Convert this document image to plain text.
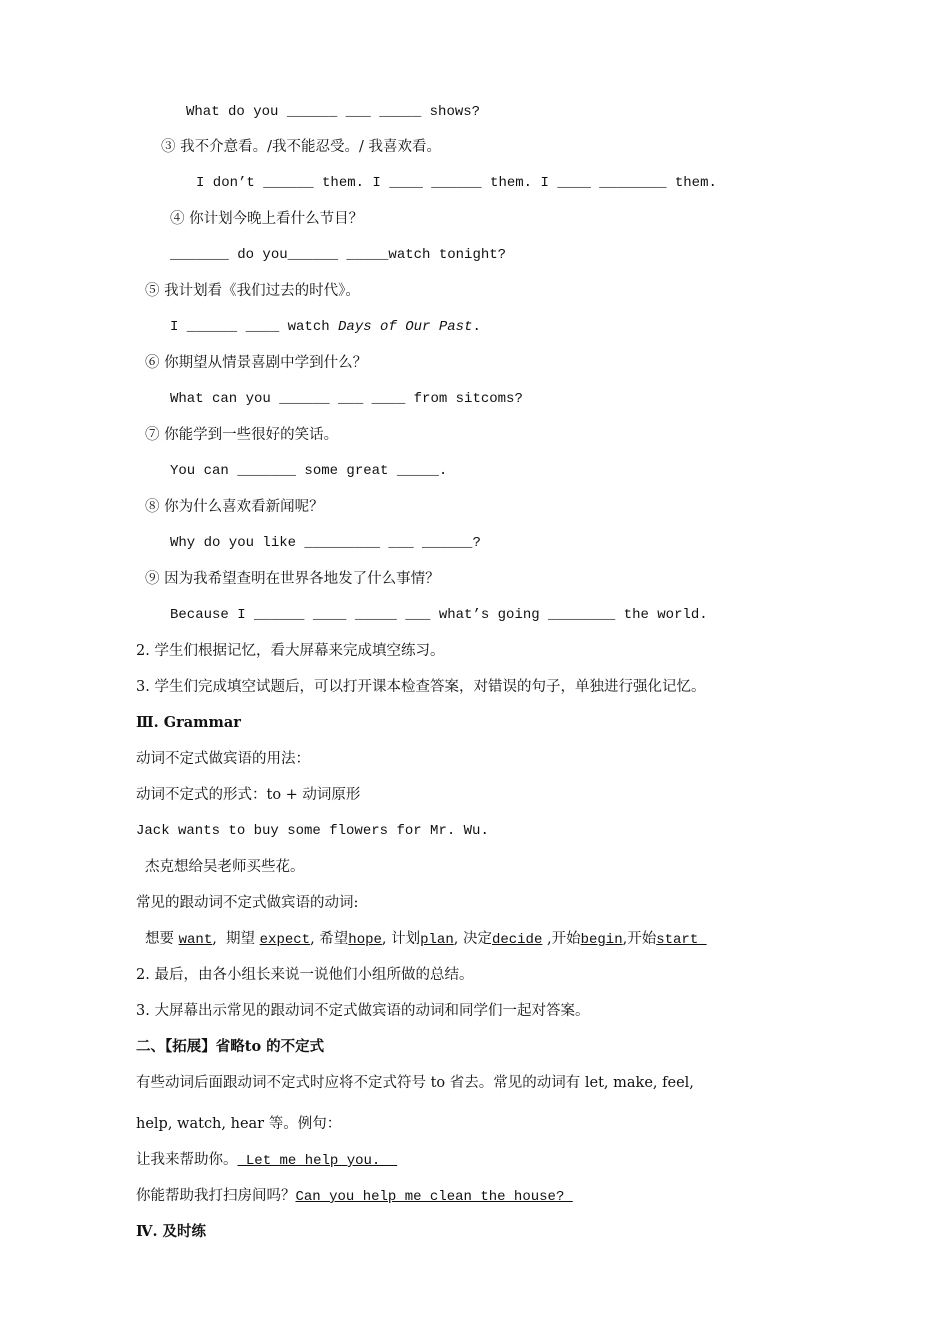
What do you ______ ___ _____ shows?
③ 我不介意看。/我不能忍受。/ 我喜欢看。
I don’t ______ them. I ____ ______ them. I ____ ________ them.
④ 你计划今晚上看什么节目？
_______ do you______ _____watch tonight?
⑤ 我计划看《我们过去的时代》。
I ______ ____ watch Days of Our Past.
⑥ 你期望从情景喜剧中学到什么？
What can you ______ ___ ____ from sitcoms?
⑦ 你能学到一些很好的笑话。
You can _______ some great _____.
⑧ 你为什么喜欢看新闻呢？
Why do you like _________ ___ ______?
⑨ 因为我希望查明在世界各地发了什么事情？
Because I ______ ____ _____ ___ what’s going ________ the world.
2. 学生们根据记忆，看大屏幕来完成填空练习。
3. 学生们完成填空试题后，可以打开课本检查答案，对错误的句子，单独进行强化记忆。
Ⅲ. Grammar
动词不定式做宾语的用法：
动词不定式的形式：to + 动词原形
Jack wants to buy some flowers for Mr. Wu.
杰克想给吴老师买些花。
常见的跟动词不定式做宾语的动词:
想要 want,  期望 expect, 希望hope, 计划plan, 决定decide ,开始begin,开始start
2. 最后，由各小组长来说一说他们小组所做的总结。
3. 大屏幕出示常见的跟动词不定式做宾语的动词和同学们一起对答案。
二、【拓展】省略to 的不定式
有些动词后面跟动词不定式时应将不定式符号 to 省去。常见的动词有 let, make, feel,
help, watch, hear 等。例句：
让我来帮助你。 Let me help you.
你能帮助我打扫房间吗？Can you help me clean the house?
Ⅳ. 及时练
